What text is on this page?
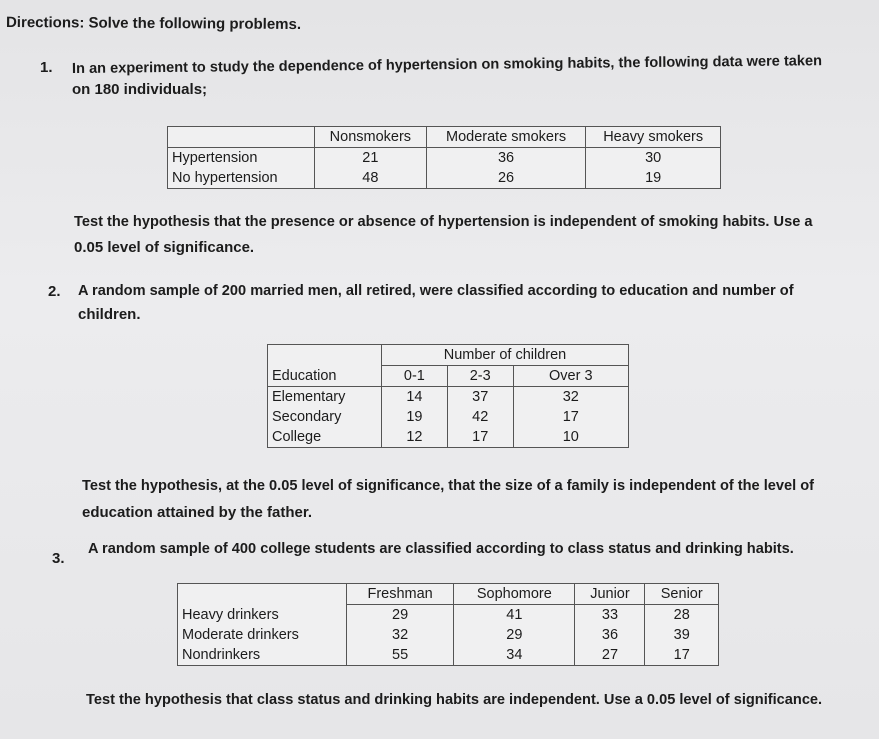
Directions: Solve the following problems.
1. In an experiment to study the dependence of hypertension on smoking habits, the following data were taken
on 180 individuals;
	Nonsmokers	Moderate smokers	Heavy smokers
Hypertension	21	36	30
No hypertension	48	26	19
Test the hypothesis that the presence or absence of hypertension is independent of smoking habits. Use a
0.05 level of significance.
2. A random sample of 200 married men, all retired, were classified according to education and number of
children.
	Number of children		
Education	0-1	2-3	Over 3
Elementary	14	37	32
Secondary	19	42	17
College	12	17	10
Test the hypothesis, at the 0.05 level of significance, that the size of a family is independent of the level of
education attained by the father.
3.
A random sample of 400 college students are classified according to class status and drinking habits.
	Freshman	Sophomore	Junior	Senior
Heavy drinkers	29	41	33	28
Moderate drinkers	32	29	36	39
Nondrinkers	55	34	27	17
Test the hypothesis that class status and drinking habits are independent. Use a 0.05 level of significance.
